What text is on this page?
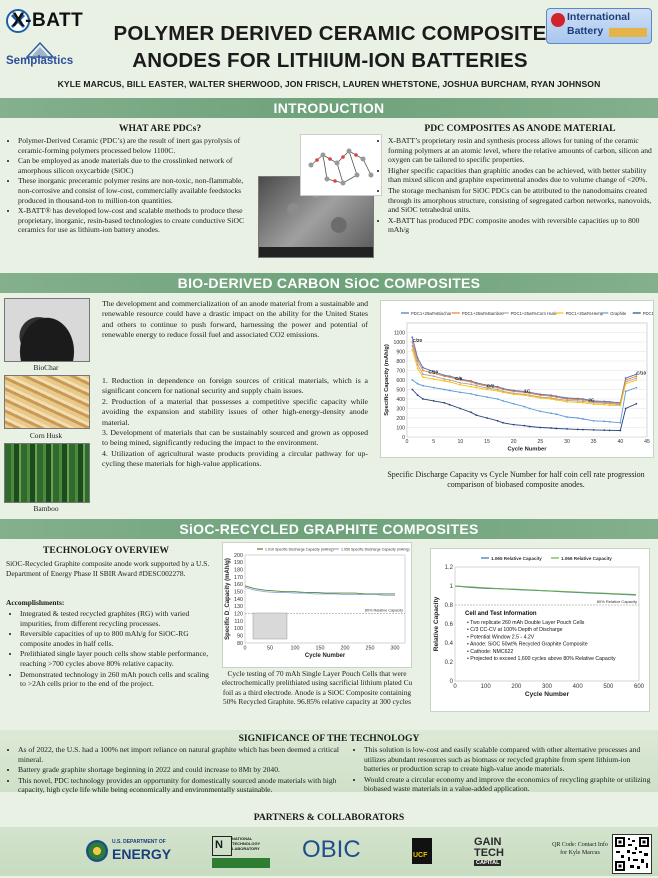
X-BATT
Semplastics
POLYMER DERIVED CERAMIC COMPOSITE
ANODES FOR LITHIUM-ION BATTERIES
International
Battery
KYLE MARCUS, BILL EASTER, WALTER SHERWOOD, JON FRISCH, LAUREN WHETSTONE, JOSHUA BURCHAM, RYAN JOHNSON
INTRODUCTION
WHAT ARE PDCs?
• Polymer-Derived Ceramic (PDC’s) are the result of inert gas pyrolysis of ceramic-forming polymers processed below 1100C.
• Can be employed as anode materials due to the crosslinked network of amorphous silicon oxycarbide (SiOC)
• These inorganic preceramic polymer resins are non-toxic, non-flammable, non-corrosive and consist of low-cost, commercially available feedstocks produced in thousand-ton to million-ton quantities.
• X-BATT® has developed low-cost and scalable methods to produce these proprietary, inorganic, resin-based technologies to create conductive SiOC ceramics for use as lithium-ion battery anodes.
PDC COMPOSITES AS ANODE MATERIAL
• X-BATT’s proprietary resin and synthesis process allows for tuning of the ceramic forming polymers at an atomic level, where the relative amounts of carbon, silicon and oxygen can be tailored to specific properties.
• Higher specific capacities than graphitic anodes can be achieved, with better stability than mixed silicon and graphite experimental anodes due to volume change of <20%.
• The storage mechanism for SiOC PDCs can be attributed to the nanodomains created through its amorphous structure, consisting of segregated carbon networks, nanovoids, and SiOC tetrahedral units.
• X-BATT has produced PDC composite anodes with reversible capacities up to 800 mAh/g
BIO-DERIVED CARBON SiOC COMPOSITES
BioChar
Corn Husk
Bamboo
The development and commercialization of an anode material from a sustainable and renewable resource could have a drastic impact on the ability for the United States and others to continue to push forward, harnessing the power and potential of renewable energy to reduce fossil fuel and associated CO2 emissions.
1. Reduction in dependence on foreign sources of critical materials, which is a significant concern for national security and supply chain issues.
2. Production of a material that possesses a competitive specific capacity while avoiding the expansion and stability issues of other high-energy-density anode material.
3. Development of materials that can be sustainably sourced and grown as opposed to being mined, significantly reducing the impact to the environment.
4. Utilization of agricultural waste products providing a circular pathway for up-cycling these materials for high-value applications.
0
100
200
300
400
500
600
700
800
900
1000
1100
0	5	10	15	20	25	30	35	40	45
Cycle Number
Specific Capacity (mAh/g)
PDC1+25wt%Biochar PDC1+25wt%Bamboo PDC1+25wt%Corn Husk PDC1+25wt%Hemp Graphite	PDC1
C/20
C/10
C/5
C/2
1C
2C
C/10
Specific Discharge Capacity vs Cycle Number for half coin cell rate progression comparison of biobased composite anodes.
SiOC-RECYCLED GRAPHITE COMPOSITES
TECHNOLOGY OVERVIEW
SiOC-Recycled Graphite composite anode work supported by a U.S. Department of Energy Phase II SBIR Award #DESC002278.
Accomplishments:
• Integrated & tested recycled graphites (RG) with varied impurities, from different recycling processes.
• Reversible capacities of up to 800 mAh/g for SiOC-RG composite anodes in half cells.
• Prelithiated single layer pouch cells show stable performance, reaching >700 cycles above 80% relative capacity.
• Demonstrated technology in 260 mAh pouch cells and scaling to >2Ah cells prior to the end of the project.
80
90
100
110
120
130
140
150
160
170
180
190
200
0	50	100	150	200	250	300
Cycle Number
Specific D_Capacity (mAh/g)
1.010 Specific Discharge Capacity (mAh/g) 1.050 Specific Discharge Capacity (mAh/g)
80% Relative Capacity
Cycle testing of 70 mAh Single Layer Pouch Cells that were electrochemically prelithiated using sacrificial lithium plated Cu foil as a third electrode. Anode is a SiOC Composite containing 50% Recycled Graphite. 96.85% relative capacity at 300 cycles
0
0.2
0.4
0.6
0.8
1
1.2
0	100	200	300	400	500	600
Cycle Number
Relative Capacity
1.065 Relative Capacity	1.066 Relative Capacity
80% Relative Capacity
Cell and Test Information
• Two replicate 260 mAh Double Layer Pouch Cells
• C/3 CC-CV at 100% Depth of Discharge
• Potential Window 2.5 - 4.2V
• Anode: SiOC 50wt% Recycled Graphite Composite
• Cathode: NMC622
• Projected to exceed 1,600 cycles above 80% Relative Capacity
SIGNIFICANCE OF THE TECHNOLOGY
• As of 2022, the U.S. had a 100% net import reliance on natural graphite which has been deemed a critical mineral.
• Battery grade graphite shortage beginning in 2022 and could increase to 8Mt by 2040.
• This novel, PDC technology provides an opportunity for domestically sourced anode materials with high capacity, high cycle life while being economically and environmentally sustainable.
• This solution is low-cost and easily scalable compared with other alternative processes and utilizes abundant resources such as biomass or recycled graphite from spent lithium-ion batteries or production scrap to create high-value anode materials.
• Would create a circular economy and improve the economics of recycling graphite or utilizing biobased waste materials in a value-added application.
PARTNERS & COLLABORATORS
U.S. DEPARTMENT OF
ENERGY
N
NATIONAL TECHNOLOGY LABORATORY	OBIC	UCF
GAIN
TECH
CAPITAL
QR Code: Contact Info for Kyle Marcus
